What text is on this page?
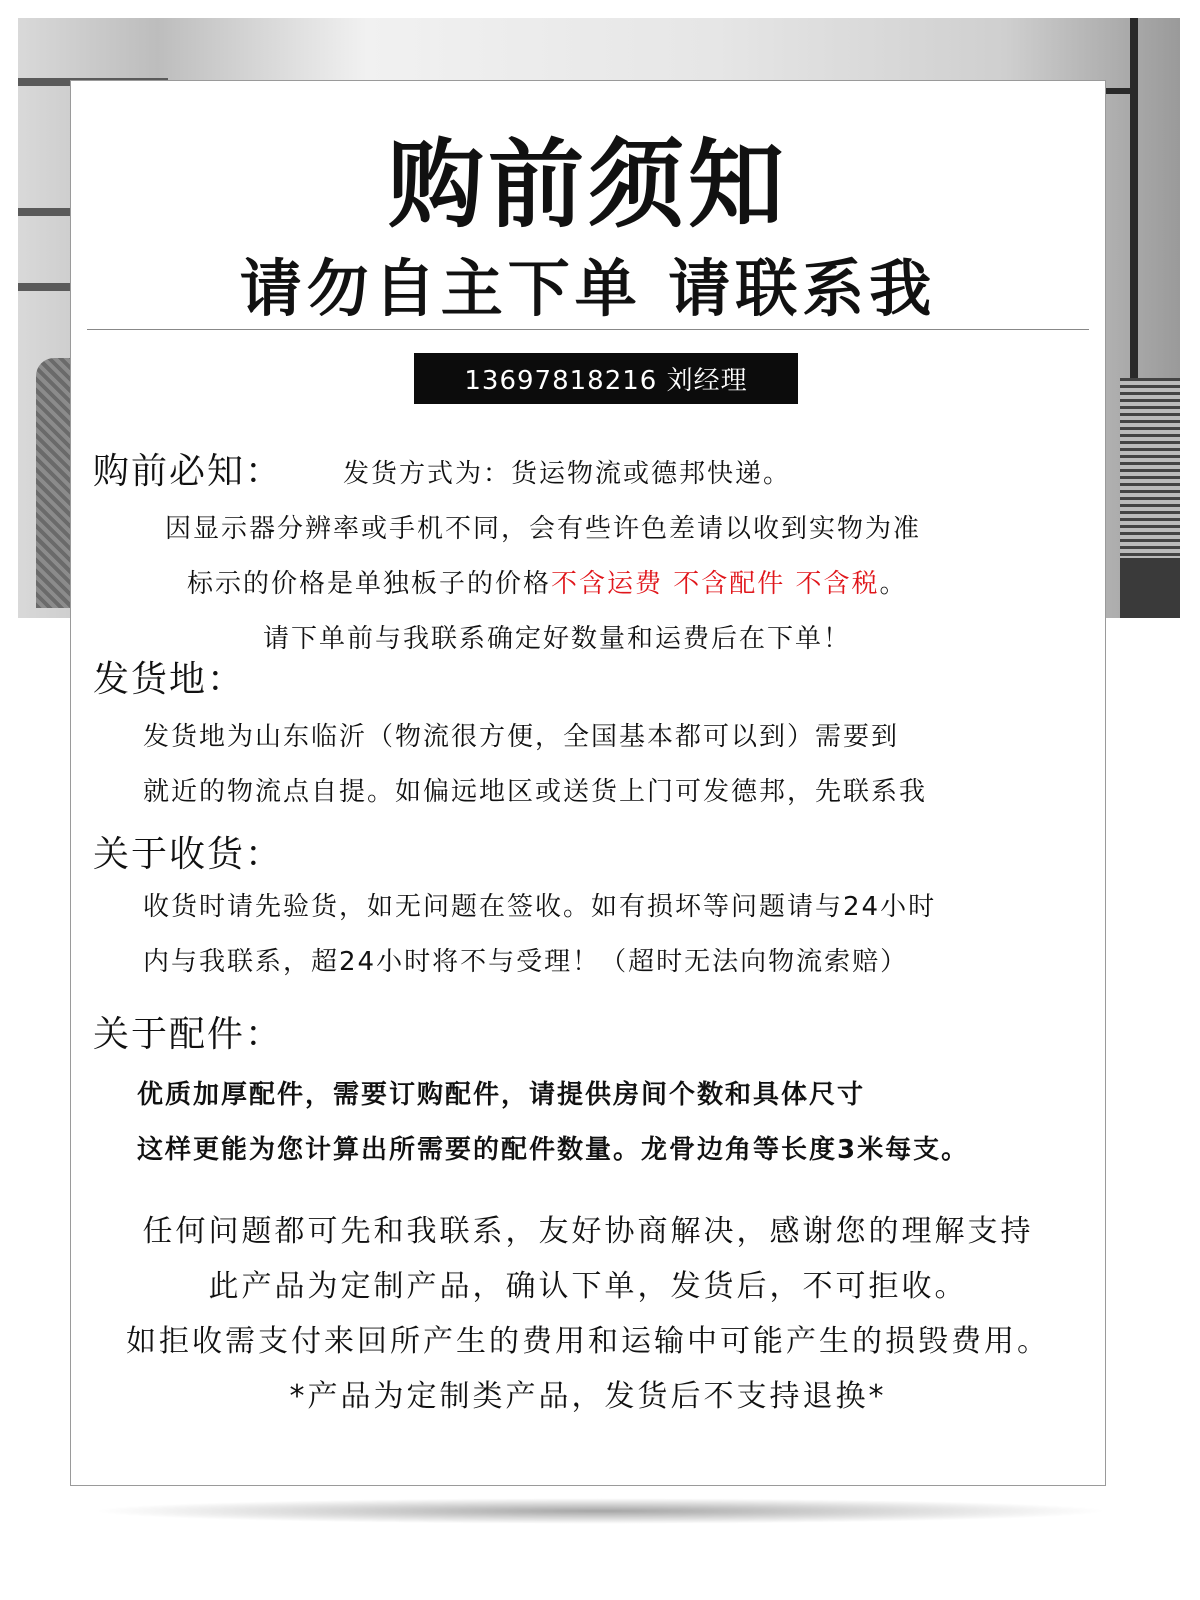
购前须知
请勿自主下单 请联系我
13697818216 刘经理
购前必知： 发货方式为：货运物流或德邦快递。
因显示器分辨率或手机不同，会有些许色差请以收到实物为准
标示的价格是单独板子的价格不含运费 不含配件 不含税。
请下单前与我联系确定好数量和运费后在下单！
发货地：
发货地为山东临沂（物流很方便，全国基本都可以到）需要到
就近的物流点自提。如偏远地区或送货上门可发德邦，先联系我
关于收货：
收货时请先验货，如无问题在签收。如有损坏等问题请与24小时
内与我联系，超24小时将不与受理！（超时无法向物流索赔）
关于配件：
优质加厚配件，需要订购配件，请提供房间个数和具体尺寸
这样更能为您计算出所需要的配件数量。龙骨边角等长度3米每支。
任何问题都可先和我联系，友好协商解决，感谢您的理解支持
此产品为定制产品，确认下单，发货后，不可拒收。
如拒收需支付来回所产生的费用和运输中可能产生的损毁费用。
*产品为定制类产品，发货后不支持退换*
